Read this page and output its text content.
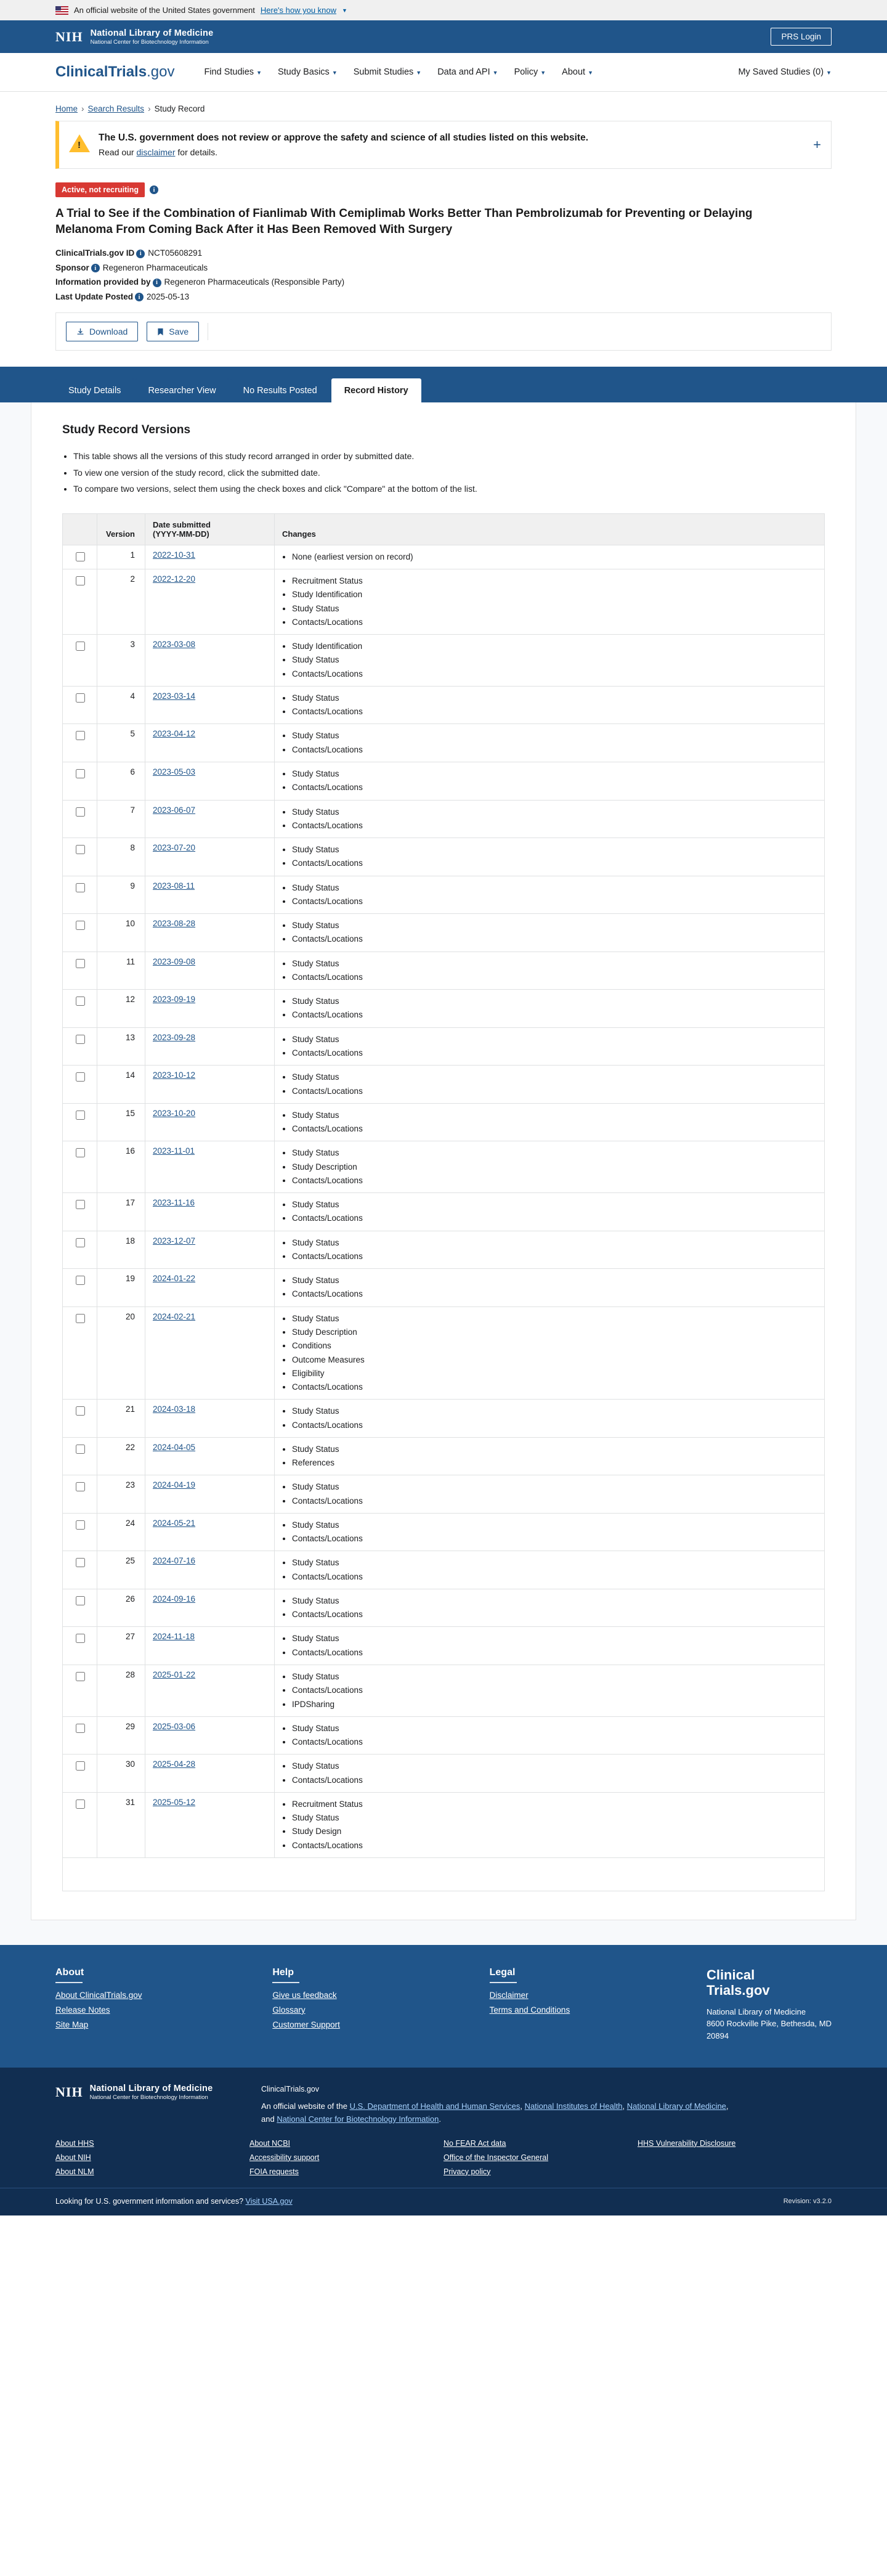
An official website of the United States government Here's how you know ▼
NIH National Library of Medicine
National Center for Biotechnology Information
PRS Login
ClinicalTrials.gov	Find Studies ▼ Study Basics ▼ Submit Studies ▼ Data and API ▼ Policy ▼ About ▼	My Saved Studies (0) ▼
Home › Search Results › Study Record
!
The U.S. government does not review or approve the safety and science of all studies listed on this website.
Read our disclaimer for details.	+
Active, not recruiting	i
A Trial to See if the Combination of Fianlimab With Cemiplimab Works Better Than Pembrolizumab for Preventing or Delaying Melanoma From Coming Back After it Has Been Removed With Surgery
ClinicalTrials.gov ID i NCT05608291
Sponsor i Regeneron Pharmaceuticals
Information provided by i Regeneron Pharmaceuticals (Responsible Party)
Last Update Posted i 2025-05-13
Download	Save
Study Details	Researcher View	No Results Posted	Record History
Study Record Versions
• This table shows all the versions of this study record arranged in order by submitted date.
• To view one version of the study record, click the submitted date.
• To compare two versions, select them using the check boxes and click "Compare" at the bottom of the list.
	Version	Date submitted
(YYYY-MM-DD)	Changes
	1	2022-10-31	
•None (earliest version on record)

	2	2022-12-20	
•Recruitment Status
• Study Identification
• Study Status
• Contacts/Locations

	3	2023-03-08	
•Study Identification
• Study Status
• Contacts/Locations

	4	2023-03-14	
•Study Status
• Contacts/Locations

	5	2023-04-12	
•Study Status
• Contacts/Locations

	6	2023-05-03	
•Study Status
• Contacts/Locations

	7	2023-06-07	
•Study Status
• Contacts/Locations

	8	2023-07-20	
•Study Status
• Contacts/Locations

	9	2023-08-11	
•Study Status
• Contacts/Locations

	10	2023-08-28	
•Study Status
• Contacts/Locations

	11	2023-09-08	
•Study Status
• Contacts/Locations

	12	2023-09-19	
•Study Status
• Contacts/Locations

	13	2023-09-28	
•Study Status
• Contacts/Locations

	14	2023-10-12	
•Study Status
• Contacts/Locations

	15	2023-10-20	
•Study Status
• Contacts/Locations

	16	2023-11-01	
•Study Status
• Study Description
• Contacts/Locations

	17	2023-11-16	
•Study Status
• Contacts/Locations

	18	2023-12-07	
•Study Status
• Contacts/Locations

	19	2024-01-22	
•Study Status
• Contacts/Locations

	20	2024-02-21	
•Study Status
• Study Description
• Conditions
• Outcome Measures
• Eligibility
• Contacts/Locations

	21	2024-03-18	
•Study Status
• Contacts/Locations

	22	2024-04-05	
•Study Status
• References

	23	2024-04-19	
•Study Status
• Contacts/Locations

	24	2024-05-21	
•Study Status
• Contacts/Locations

	25	2024-07-16	
•Study Status
• Contacts/Locations

	26	2024-09-16	
•Study Status
• Contacts/Locations

	27	2024-11-18	
•Study Status
• Contacts/Locations

	28	2025-01-22	
•Study Status
• Contacts/Locations
• IPDSharing

	29	2025-03-06	
•Study Status
• Contacts/Locations

	30	2025-04-28	
•Study Status
• Contacts/Locations

	31	2025-05-12	
•Recruitment Status
• Study Status
• Study Design
• Contacts/Locations

About
About ClinicalTrials.gov
Release Notes
Site Map
Help
Give us feedback
Glossary
Customer Support
Legal
Disclaimer
Terms and Conditions
Clinical
Trials.gov
National Library of Medicine
8600 Rockville Pike, Bethesda, MD
20894
NIH National Library of Medicine
National Center for Biotechnology Information
ClinicalTrials.gov
An official website of the U.S. Department of Health and Human Services, National Institutes of Health, National Library of Medicine,
and National Center for Biotechnology Information.
About HHS
About NIH
About NLM
About NCBI
Accessibility support
FOIA requests
No FEAR Act data
Office of the Inspector General
Privacy policy
HHS Vulnerability Disclosure
Looking for U.S. government information and services? Visit USA.gov	Revision: v3.2.0
